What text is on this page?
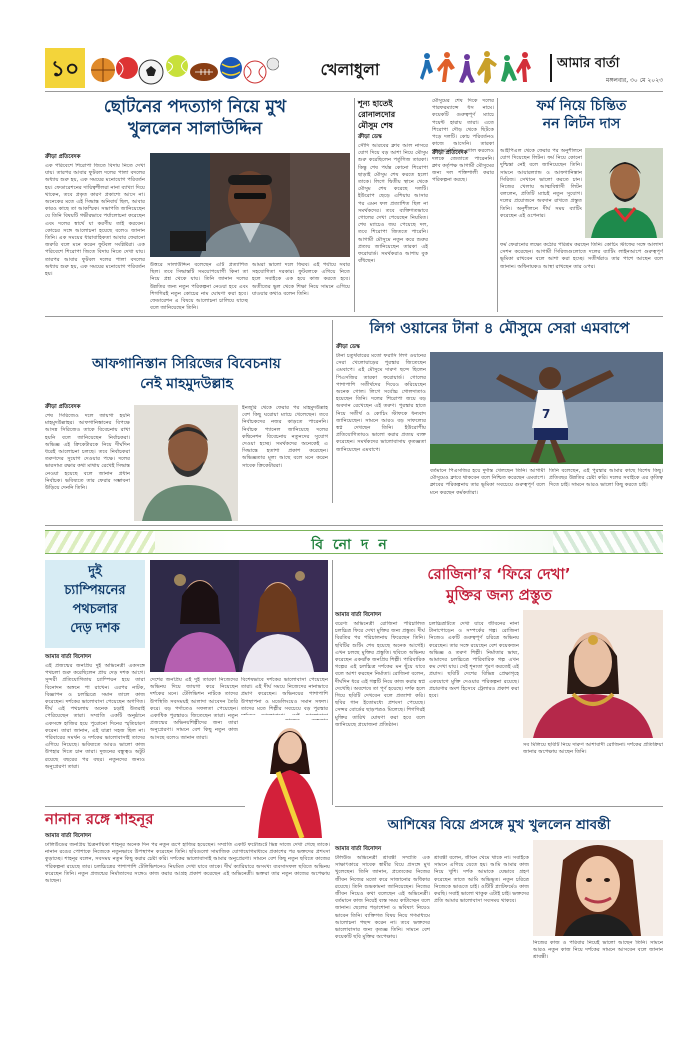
১০	খেলাধুলা	আমার বার্তা
মঙ্গলবার, ৩০ মে ২০২৩
ছোটনের পদত্যাগ নিয়ে মুখ
খুললেন সালাউদ্দিন
ক্রীড়া প্রতিবেদক
এক পরিবেশে শিরোপা জিতে বিদায় নিতে দেখা যায়। তারপর আবার ফুটবল দলের পালা বদলের অধ্যায় শুরু হয়, এক সময়ের মনোযোগ পরিবর্তন হয়। ফেডারেশনের দায়িত্বশীলরা নানা ব্যাখ্যা দিয়ে থাকেন, তবে প্রকৃত কারণ প্রকাশ্যে আসে না। অনেকের মতে এই সিদ্ধান্ত অনিবার্য ছিল, আবার কারও কাছে তা আকস্মিক। সভাপতি জানিয়েছেন যে তিনি বিষয়টি গভীরভাবে পর্যালোচনা করেছেন এবং দলের স্বার্থে যা করণীয় তাই করবেন। কোচের সঙ্গে আলোচনা হয়েছে বলেও জানান তিনি। এক সময়ের ধারাবাহিকতা আবার ফেরানো জরুরি বলে মনে করেন ফুটবল সংশ্লিষ্টরা। এক পরিবেশে শিরোপা জিতে বিদায় নিতে দেখা যায়। তারপর আবার ফুটবল দলের পালা বদলের অধ্যায় শুরু হয়, এক সময়ের মনোযোগ পরিবর্তন হয়।
উত্তরে সালাউদ্দিন বলেছেন এটি প্রত্যাশিত ছিল। তবে সিদ্ধান্তটি সময়োপযোগী কিনা তা নিয়ে প্রশ্ন থেকে যায়। তিনি জানান দলের উন্নতির জন্য নতুন পরিকল্পনা নেওয়া হবে এবং শিগগিরই নতুন কোচের নাম ঘোষণা করা হবে। ফেডারেশন এ বিষয়ে আলোচনা চালিয়ে যাচ্ছে বলে জানিয়েছেন তিনি।
আমরা ভালো দলে ফিরব। এই পর্যায়ে সবার সহযোগিতা দরকার। ফুটবলকে এগিয়ে নিতে হলে সবাইকে এক হয়ে কাজ করতে হবে। অতীতের ভুল থেকে শিক্ষা নিয়ে সামনে এগিয়ে যাওয়ার কথাও বলেন তিনি।
শূন্য হাতেই
রোনালদোর
মৌসুম শেষ
ক্রীড়া ডেস্ক
সৌদি আরবের ক্লাব আল নাসরে যোগ দিয়ে বড় আশা নিয়ে মৌসুম শুরু করেছিলেন পর্তুগিজ তারকা। কিন্তু শেষ পর্যন্ত কোনো শিরোপা ছাড়াই মৌসুম শেষ করতে হলো তাকে। লিগে দ্বিতীয় স্থানে থেকে মৌসুম শেষ করেছে দলটি। ইউরোপ ছেড়ে এশিয়ায় আসার পর এমন ফল প্রত্যাশিত ছিল না সমর্থকদের। তবে ব্যক্তিগতভাবে গোলের দেখা পেয়েছেন নিয়মিত। শেষ ম্যাচেও জয় পেয়েছে দল, তবে শিরোপা জিততে পারেনি। আগামী মৌসুমে নতুন করে শুরুর প্রত্যয় জানিয়েছেন তারকা এই ফরোয়ার্ড। সমর্থকরাও আশায় বুক বাঁধছেন।
মৌসুমের শেষ দিকে দলের পারফরম্যান্সে ধস নামে। কয়েকটি গুরুত্বপূর্ণ ম্যাচে পয়েন্ট হারায় তারা। এতে শিরোপা দৌড় থেকে ছিটকে পড়ে দলটি। কোচ পরিবর্তনও কাজে আসেনি। তারকা ফরোয়ার্ড নিজে গোল করলেও দলকে জেতাতে পারেননি। ক্লাব কর্তৃপক্ষ আগামী মৌসুমের জন্য দল শক্তিশালী করার পরিকল্পনা করছে।
ফর্ম নিয়ে চিন্তিত
নন লিটন দাস
ক্রীড়া প্রতিবেদক
আইপিএল থেকে ফেরার পর অনুশীলনে যোগ দিয়েছেন লিটন। ফর্ম নিয়ে কোনো দুশ্চিন্তা নেই বলে জানিয়েছেন তিনি। সামনে আয়ারল্যান্ড ও আফগানিস্তান সিরিজ। সেখানে ভালো করতে চান। নিজের খেলায় আত্মবিশ্বাসী লিটন বললেন, প্রতিটি ম্যাচই নতুন সুযোগ। দলের প্রয়োজনে অবদান রাখতে প্রস্তুত তিনি। অনুশীলনে দীর্ঘ সময় ব্যাটিং করেছেন এই ওপেনার।
ফর্ম ফেরানোর লক্ষ্যে কঠোর পরিশ্রম করছেন তিনি। কোচিং স্টাফের সঙ্গে আলাদা সেশন করেছেন। আগামী সিরিজগুলোতে দলের ব্যাটিং লাইনআপে গুরুত্বপূর্ণ ভূমিকা রাখবেন বলে আশা করা হচ্ছে। সতীর্থরাও তার পাশে আছেন বলে জানান। অধিনায়কও আস্থা রাখছেন তার ওপর।
লিগ ওয়ানের টানা ৪ মৌসুমে সেরা এমবাপে
ক্রীড়া ডেস্ক
টানা চতুর্থবারের মতো ফরাসি লিগ ওয়ানের সেরা খেলোয়াড়ের পুরস্কার জিতেছেন এমবাপে। এই মৌসুমে দারুণ ছন্দে ছিলেন পিএসজির তারকা ফরোয়ার্ড। গোলের পাশাপাশি সতীর্থদের দিয়েও করিয়েছেন অনেক গোল। লিগে সর্বোচ্চ গোলদাতাও হয়েছেন তিনি। দলের শিরোপা জয়ে বড় অবদান রেখেছেন এই তরুণ। পুরস্কার হাতে নিয়ে সতীর্থ ও কোচিং স্টাফকে ধন্যবাদ জানিয়েছেন। সামনে আরও বড় সাফল্যের স্বপ্ন দেখছেন তিনি। ইউরোপীয় প্রতিযোগিতায়ও ভালো করার প্রত্যয় ব্যক্ত করেছেন। সমর্থকদের ভালোবাসায় কৃতজ্ঞতা জানিয়েছেন এমবাপে।
7
বর্তমানে পিএসজির হয়ে দুর্দান্ত খেলছেন তিনি। আগামী মৌসুমেও ক্লাবে থাকবেন বলে নিশ্চিত করেছেন এমবাপে। ক্লাবের পরিকল্পনায় তার ভূমিকা সবচেয়ে গুরুত্বপূর্ণ বলে মনে করছেন কর্মকর্তারা।
তিনি বলেছেন, এই পুরস্কার আমার কাছে বিশেষ কিছু। প্রতিবছর উন্নতির চেষ্টা করি। দলের সবাইকে এর কৃতিত্ব দিতে চাই। সামনে আরও ভালো কিছু করতে চাই।
আফগানিস্তান সিরিজের বিবেচনায়
নেই মাহমুদউল্লাহ
ক্রীড়া প্রতিবেদক
শেষ সিরিজেও দলে জায়গা হয়নি মাহমুদউল্লাহর। আফগানিস্তানের বিপক্ষে আসন্ন সিরিজেও তাকে বিবেচনায় রাখা হয়নি বলে জানিয়েছেন নির্বাচকরা। অভিজ্ঞ এই ক্রিকেটারকে নিয়ে দীর্ঘদিন ধরেই আলোচনা চলছে। তবে নির্বাচকরা তরুণদের সুযোগ দেওয়ার পক্ষে। দলের ভারসাম্য রক্ষার কথা মাথায় রেখেই সিদ্ধান্ত নেওয়া হয়েছে বলে জানান প্রধান নির্বাচক। ভবিষ্যতে তার ফেরার সম্ভাবনা উড়িয়ে দেননি তিনি।
ইনজুরি থেকে ফেরার পর মাহমুদউল্লাহ বেশ কিছু ঘরোয়া ম্যাচে খেলেছেন। তবে নির্বাচকদের নজর কাড়তে পারেননি। নির্বাচক প্যানেল জানিয়েছে দলের কম্বিনেশন বিবেচনায় নতুনদের সুযোগ দেওয়া হচ্ছে। সমর্থকদের অনেকেই এ সিদ্ধান্তে হতাশা প্রকাশ করেছেন। অভিজ্ঞতার মূল্য আছে বলে মনে করেন সাবেক ক্রিকেটাররা।
বিনোদন
দুই
চ্যাম্পিয়নের
পথচলার
দেড় দশক
আমার বার্তা বিনোদন
এই প্রজন্মের জনপ্রিয় দুই অভিনেত্রী একসঙ্গে পথচলা শুরু করেছিলেন প্রায় দেড় দশক আগে। সুন্দরী প্রতিযোগিতায় চ্যাম্পিয়ন হয়ে তারা বিনোদন অঙ্গনে পা রাখেন। এরপর নাটক, বিজ্ঞাপন ও চলচ্চিত্রে সমান তালে কাজ করেছেন। দর্শকের ভালোবাসা পেয়েছেন অগণিত। দীর্ঘ এই পথচলায় অনেক চড়াই উতরাই পেরিয়েছেন তারা। সম্প্রতি একটি অনুষ্ঠানে একসঙ্গে হাজির হয়ে পুরোনো দিনের স্মৃতিচারণ করেন। তারা জানান, এই যাত্রা সহজ ছিল না। পরিবারের সমর্থন ও দর্শকের ভালোবাসাই তাদের এগিয়ে নিয়েছে। ভবিষ্যতে আরও ভালো কাজ উপহার দিতে চান তারা। দুজনের বন্ধুত্বও অটুট রয়েছে বছরের পর বছর। নতুনদের জন্যও অনুপ্রেরণা তারা।
দেশের জনপ্রিয় এই দুই তারকা নিজেদের অভিনয় দিয়ে জায়গা করে নিয়েছেন দর্শকের মনে। টেলিভিশন নাটকে তাদের উপস্থিতি সবসময়ই আলাদা আবেদন তৈরি করে। বড় পর্দাতেও সফলতা পেয়েছেন। একাধিক পুরস্কারও জিতেছেন তারা। নতুন প্রজন্মের অভিনয়শিল্পীদের জন্য তারা অনুপ্রেরণা। সামনে বেশ কিছু নতুন কাজ আসছে বলেও জানান তারা।
বিশেষভাবে দর্শকের ভালোবাসা পেয়েছেন তারা। এই দীর্ঘ সময়ে নিজেদের নানাভাবে প্রমাণ করেছেন। অভিনয়ের পাশাপাশি উপস্থাপনা ও মডেলিংয়েও সমান সফল। তাদের মতে শিল্পীর সবচেয়ে বড় পুরস্কার দর্শকের ভালোবাসা। সেই ভালোবাসা নিয়েই সামনে এগিয়ে যেতে চান তারা।
কাজের ব্যস্ততার মধ্যেও নিয়মিত যোগাযোগ রাখেন দুজন। ভবিষ্যতে একসঙ্গে কোনো প্রজেক্টে কাজ করার ইচ্ছার কথাও জানিয়েছেন।
রোজিনা’র ‘ফিরে দেখা’
মুক্তির জন্য প্রস্তুত
আমার বার্তা বিনোদন
বরেণ্য অভিনেত্রী রোজিনা পরিচালিত চলচ্চিত্র ফিরে দেখা মুক্তির জন্য প্রস্তুত। দীর্ঘ বিরতির পর পরিচালনায় ফিরেছেন তিনি। ছবিটির শুটিং শেষ হয়েছে অনেক আগেই। এখন চলছে মুক্তির প্রস্তুতি। ছবিতে অভিনয় করেছেন একঝাঁক জনপ্রিয় শিল্পী। পারিবারিক গল্পের এই চলচ্চিত্র দর্শকের মন ছুঁয়ে যাবে বলে আশা করছেন নির্মাতা। রোজিনা বলেন, দীর্ঘদিন ধরে এই গল্পটি নিয়ে কাজ করার স্বপ্ন দেখেছি। অবশেষে তা পূর্ণ হয়েছে। দর্শক হলে গিয়ে ছবিটি দেখবেন বলে প্রত্যাশা করি। ছবির গান ইতোমধ্যে প্রশংসা পেয়েছে। সেন্সর বোর্ডের ছাড়পত্রও মিলেছে। শিগগিরই মুক্তির তারিখ ঘোষণা করা হবে বলে জানিয়েছে প্রযোজনা প্রতিষ্ঠান।
চলচ্চিত্রটিতে দেখা যাবে জীবনের নানা টানাপোড়েন ও সম্পর্কের গল্প। রোজিনা নিজেও একটি গুরুত্বপূর্ণ চরিত্রে অভিনয় করেছেন। তার সঙ্গে রয়েছেন বেশ কয়েকজন অভিজ্ঞ ও তরুণ শিল্পী। নির্মাতার ভাষ্য, আমাদের চলচ্চিত্রে পারিবারিক গল্প এখন কম দেখা যায়। সেই শূন্যতা পূরণ করতেই এই প্রয়াস। ছবিটি দেশের বিভিন্ন প্রেক্ষাগৃহে একযোগে মুক্তি দেওয়ার পরিকল্পনা রয়েছে। প্রচারণার অংশ হিসেবে ট্রেলারও প্রকাশ করা হবে।
সব মিলিয়ে ছবিটি নিয়ে দারুণ আশাবাদী রোজিনা। দর্শকের প্রতিক্রিয়া জানার অপেক্ষায় আছেন তিনি।
নানান রঙ্গে শাহনূর
আমার বার্তা বিনোদন
ঢালিউডের জনপ্রিয় চিত্রনায়িকা শাহনূর অনেক দিন পর নতুন রূপে হাজির হয়েছেন। সম্প্রতি একটি ফটোশুটে ভিন্ন সাজে দেখা গেছে তাকে। নানান রঙের পোশাকে নিজেকে নতুনভাবে উপস্থাপন করেছেন তিনি। ছবিগুলো সামাজিক যোগাযোগমাধ্যমে প্রকাশের পর ভক্তদের প্রশংসা কুড়াচ্ছে। শাহনূর বলেন, সবসময় নতুন কিছু করার চেষ্টা করি। দর্শকের ভালোবাসাই আমার অনুপ্রেরণা। সামনে বেশ কিছু নতুন ছবিতে কাজের পরিকল্পনা রয়েছে তার। চলচ্চিত্রের পাশাপাশি টেলিভিশনেও নিয়মিত দেখা যাবে তাকে। দীর্ঘ ক্যারিয়ারে অসংখ্য ব্যবসাসফল ছবিতে অভিনয় করেছেন তিনি। নতুন প্রজন্মের নির্মাতাদের সঙ্গেও কাজ করার আগ্রহ প্রকাশ করেছেন এই অভিনেত্রী। ভক্তরা তার নতুন কাজের অপেক্ষায় আছেন।
আশিষের বিয়ে প্রসঙ্গে মুখ খুললেন শ্রাবন্তী
আমার বার্তা বিনোদন
টলিউড অভিনেত্রী শ্রাবন্তী সম্প্রতি এক সাক্ষাৎকারে সাবেক স্বামীর বিয়ে প্রসঙ্গে মুখ খুলেছেন। তিনি জানান, প্রত্যেকের নিজের জীবন নিজের মতো করে সাজানোর অধিকার রয়েছে। তিনি শুভকামনা জানিয়েছেন। নিজের জীবন নিয়েও কথা বলেছেন এই অভিনেত্রী। বর্তমানে কাজ নিয়েই ব্যস্ত সময় কাটাচ্ছেন বলে জানান। ছেলের পড়াশোনা ও ভবিষ্যৎ নিয়েও ভাবেন তিনি। ব্যক্তিগত বিষয় নিয়ে গণমাধ্যমে আলোচনা পছন্দ করেন না। তবে ভক্তদের ভালোবাসার জন্য কৃতজ্ঞ তিনি। সামনে বেশ কয়েকটি ছবি মুক্তির অপেক্ষায়।
শ্রাবন্তী বলেন, জীবন থেমে থাকে না। সবাইকে সামনে এগিয়ে যেতে হয়। আমি আমার কাজ নিয়ে খুশি। দর্শক আমাকে যেভাবে গ্রহণ করেছেন তাতে আমি অভিভূত। নতুন চরিত্রে নিজেকে ভাঙতে চাই। ওটিটি প্ল্যাটফর্মেও কাজ করছি। সবাই ভালো থাকুক এটাই চাই। ভক্তদের প্রতি আমার ভালোবাসা সবসময় থাকবে।
নিজের কাজ ও পরিবার নিয়েই ভালো আছেন তিনি। সামনে আরও নতুন কাজ নিয়ে দর্শকের সামনে আসবেন বলে জানান শ্রাবন্তী।
